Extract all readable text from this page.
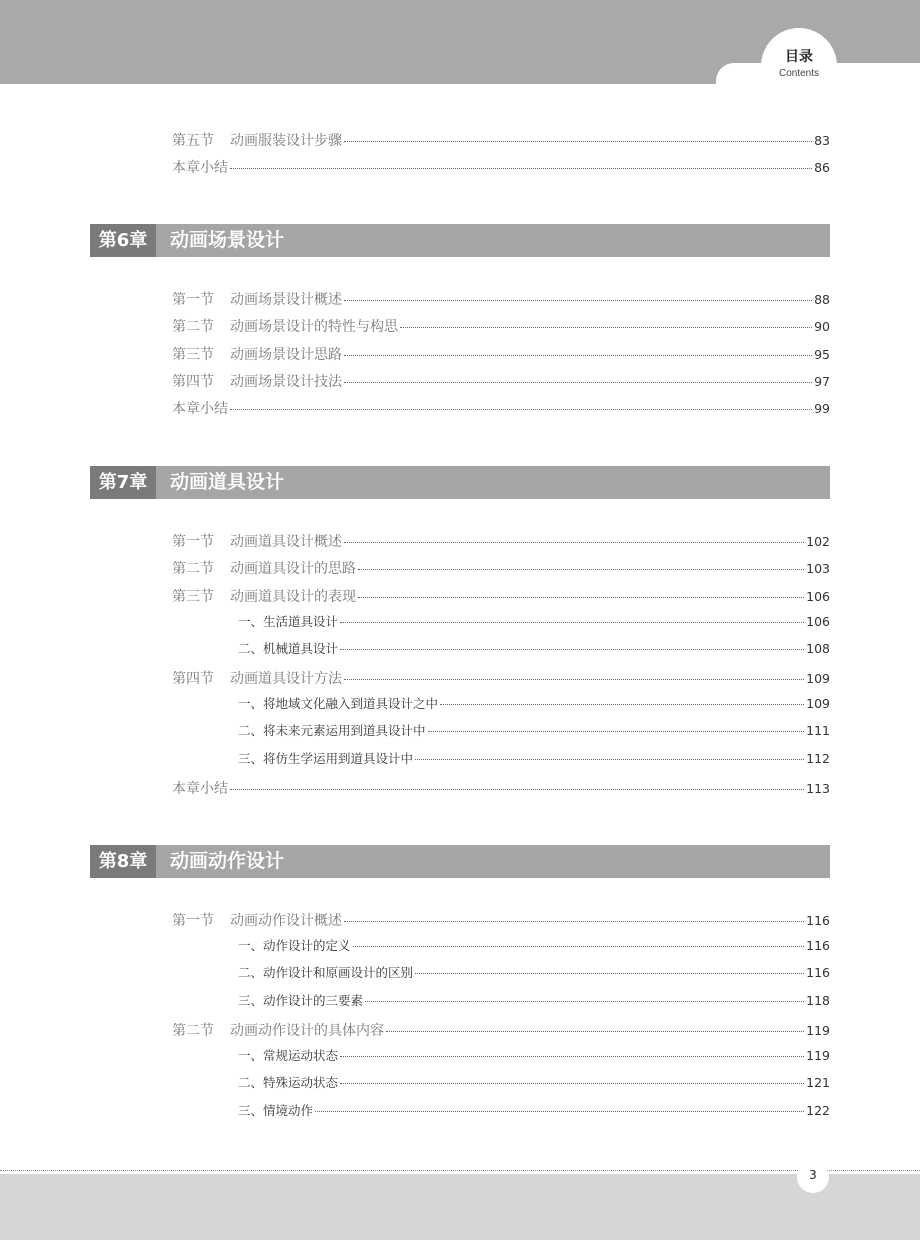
目录
Contents
第五节 动画服装设计步骤	83
本章小结	86
第6章	动画场景设计
第一节 动画场景设计概述	88
第二节 动画场景设计的特性与构思	90
第三节 动画场景设计思路	95
第四节 动画场景设计技法	97
本章小结	99
第7章	动画道具设计
第一节 动画道具设计概述	102
第二节 动画道具设计的思路	103
第三节 动画道具设计的表现	106
一、生活道具设计	106
二、机械道具设计	108
第四节 动画道具设计方法	109
一、将地域文化融入到道具设计之中	109
二、将未来元素运用到道具设计中	111
三、将仿生学运用到道具设计中	112
本章小结	113
第8章	动画动作设计
第一节 动画动作设计概述	116
一、动作设计的定义	116
二、动作设计和原画设计的区别	116
三、动作设计的三要素	118
第二节 动画动作设计的具体内容	119
一、常规运动状态	119
二、特殊运动状态	121
三、情境动作	122
3
